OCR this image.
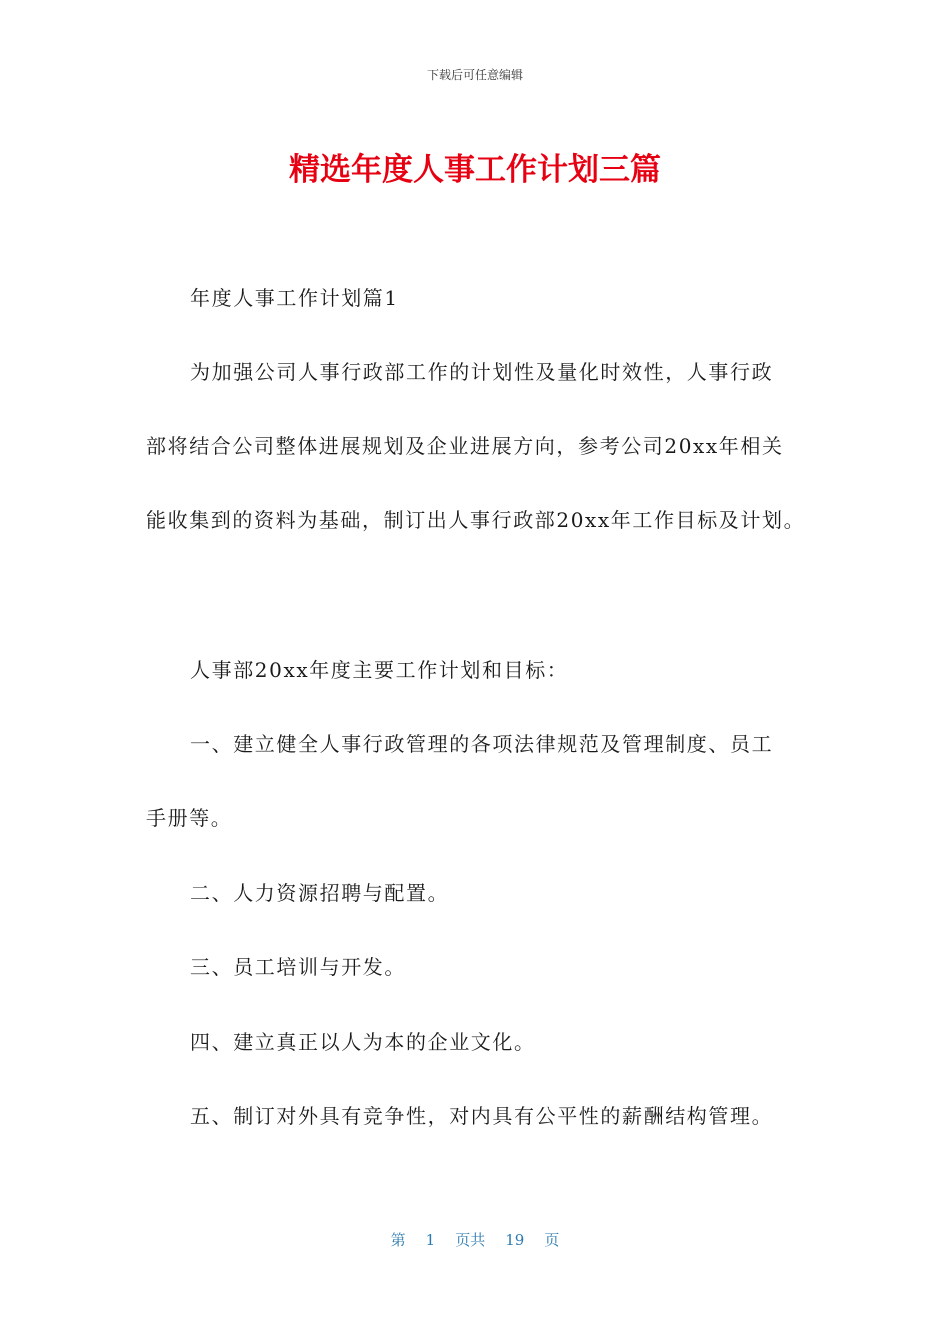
下载后可任意编辑
精选年度人事工作计划三篇
年度人事工作计划篇1
为加强公司人事行政部工作的计划性及量化时效性，人事行政
部将结合公司整体进展规划及企业进展方向，参考公司20xx年相关
能收集到的资料为基础，制订出人事行政部20xx年工作目标及计划。
人事部20xx年度主要工作计划和目标：
一、建立健全人事行政管理的各项法律规范及管理制度、员工
手册等。
二、人力资源招聘与配置。
三、员工培训与开发。
四、建立真正以人为本的企业文化。
五、制订对外具有竞争性，对内具有公平性的薪酬结构管理。
第 1 页共 19 页
